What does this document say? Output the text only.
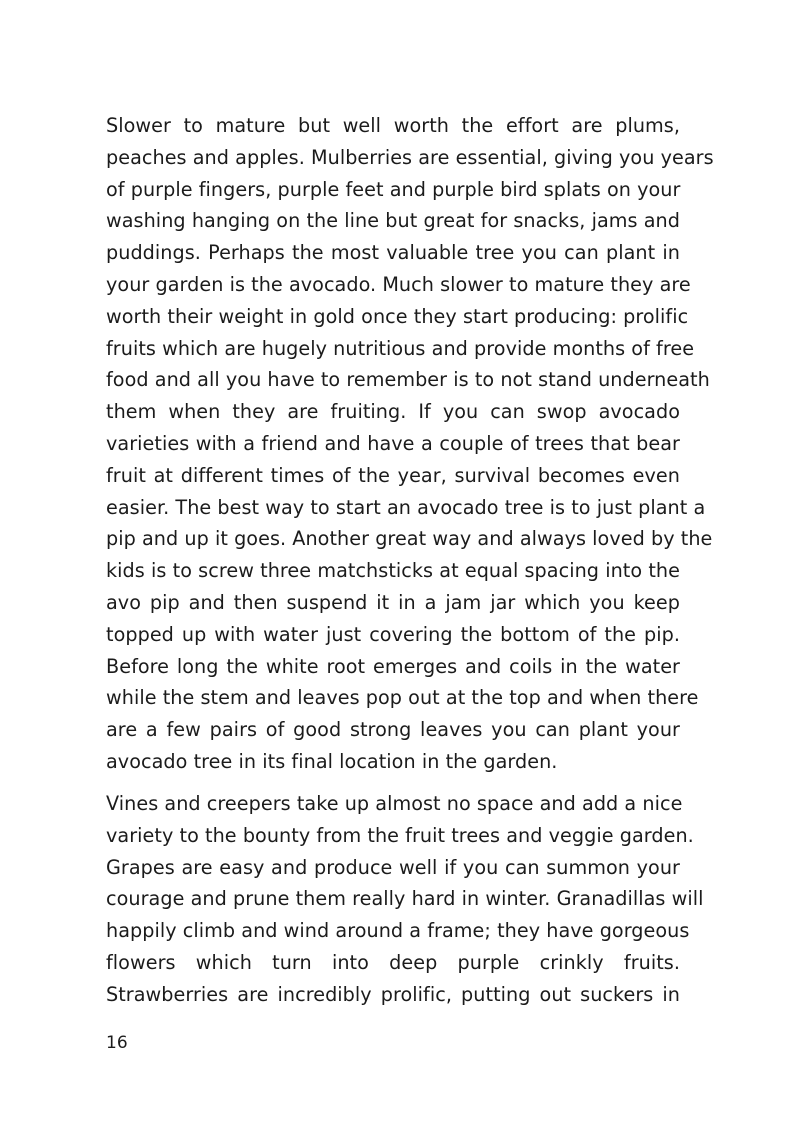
Slower to mature but well worth the effort are plums,
peaches and apples. Mulberries are essential, giving you years
of purple fingers, purple feet and purple bird splats on your
washing hanging on the line but great for snacks, jams and
puddings. Perhaps the most valuable tree you can plant in
your garden is the avocado. Much slower to mature they are
worth their weight in gold once they start producing: prolific
fruits which are hugely nutritious and provide months of free
food and all you have to remember is to not stand underneath
them when they are fruiting. If you can swop avocado
varieties with a friend and have a couple of trees that bear
fruit at different times of the year, survival becomes even
easier. The best way to start an avocado tree is to just plant a
pip and up it goes. Another great way and always loved by the
kids is to screw three matchsticks at equal spacing into the
avo pip and then suspend it in a jam jar which you keep
topped up with water just covering the bottom of the pip.
Before long the white root emerges and coils in the water
while the stem and leaves pop out at the top and when there
are a few pairs of good strong leaves you can plant your
avocado tree in its final location in the garden.
Vines and creepers take up almost no space and add a nice
variety to the bounty from the fruit trees and veggie garden.
Grapes are easy and produce well if you can summon your
courage and prune them really hard in winter. Granadillas will
happily climb and wind around a frame; they have gorgeous
flowers which turn into deep purple crinkly fruits.
Strawberries are incredibly prolific, putting out suckers in
16
